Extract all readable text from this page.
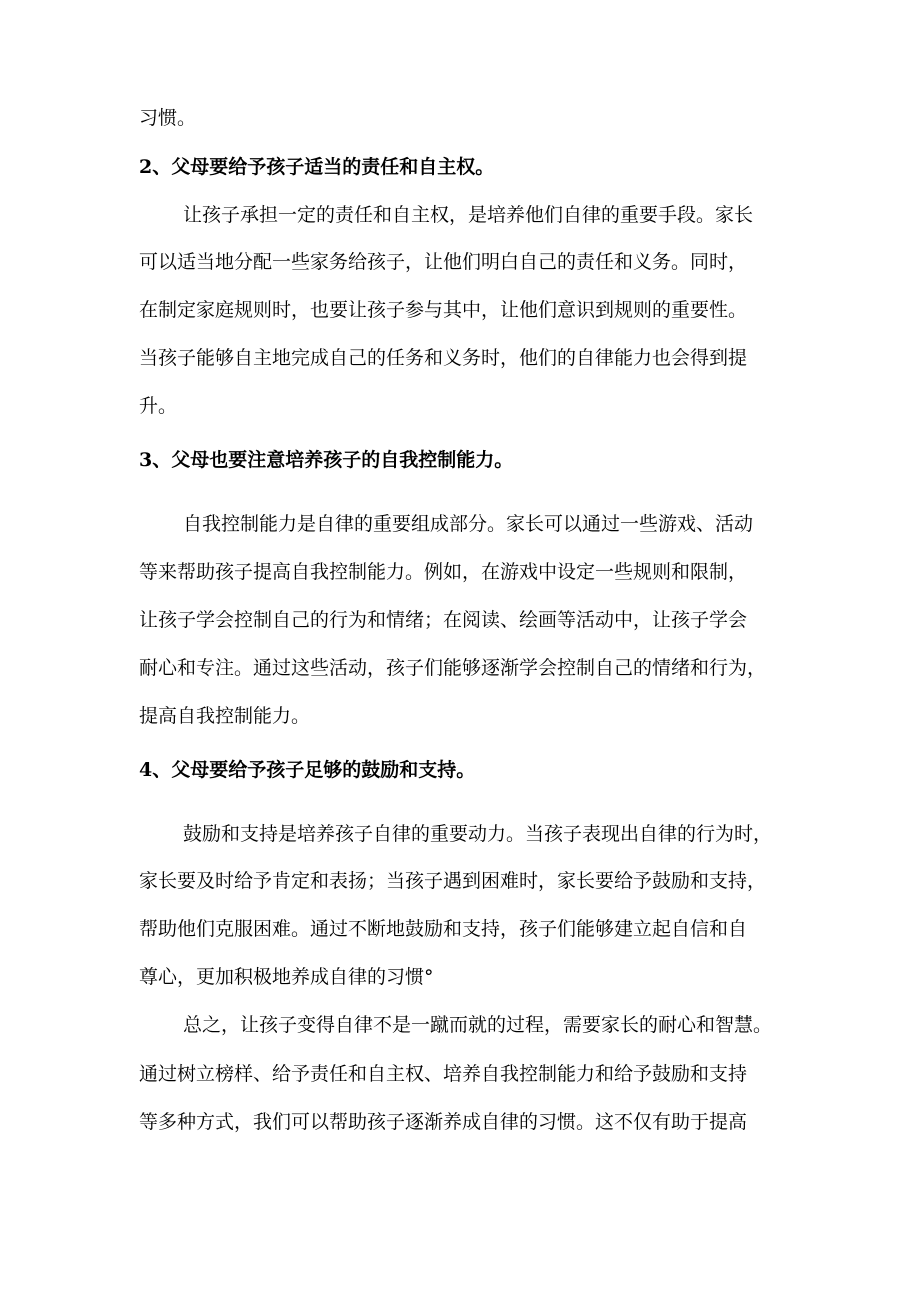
习惯。
2、父母要给予孩子适当的责任和自主权。
让孩子承担一定的责任和自主权，是培养他们自律的重要手段。家长
可以适当地分配一些家务给孩子，让他们明白自己的责任和义务。同时，
在制定家庭规则时，也要让孩子参与其中，让他们意识到规则的重要性。
当孩子能够自主地完成自己的任务和义务时，他们的自律能力也会得到提
升。
3、父母也要注意培养孩子的自我控制能力。
自我控制能力是自律的重要组成部分。家长可以通过一些游戏、活动
等来帮助孩子提高自我控制能力。例如，在游戏中设定一些规则和限制，
让孩子学会控制自己的行为和情绪；在阅读、绘画等活动中，让孩子学会
耐心和专注。通过这些活动，孩子们能够逐渐学会控制自己的情绪和行为，
提高自我控制能力。
4、父母要给予孩子足够的鼓励和支持。
鼓励和支持是培养孩子自律的重要动力。当孩子表现出自律的行为时，
家长要及时给予肯定和表扬；当孩子遇到困难时，家长要给予鼓励和支持，
帮助他们克服困难。通过不断地鼓励和支持，孩子们能够建立起自信和自
尊心，更加积极地养成自律的习惯°
总之，让孩子变得自律不是一蹴而就的过程，需要家长的耐心和智慧。
通过树立榜样、给予责任和自主权、培养自我控制能力和给予鼓励和支持
等多种方式，我们可以帮助孩子逐渐养成自律的习惯。这不仅有助于提高
